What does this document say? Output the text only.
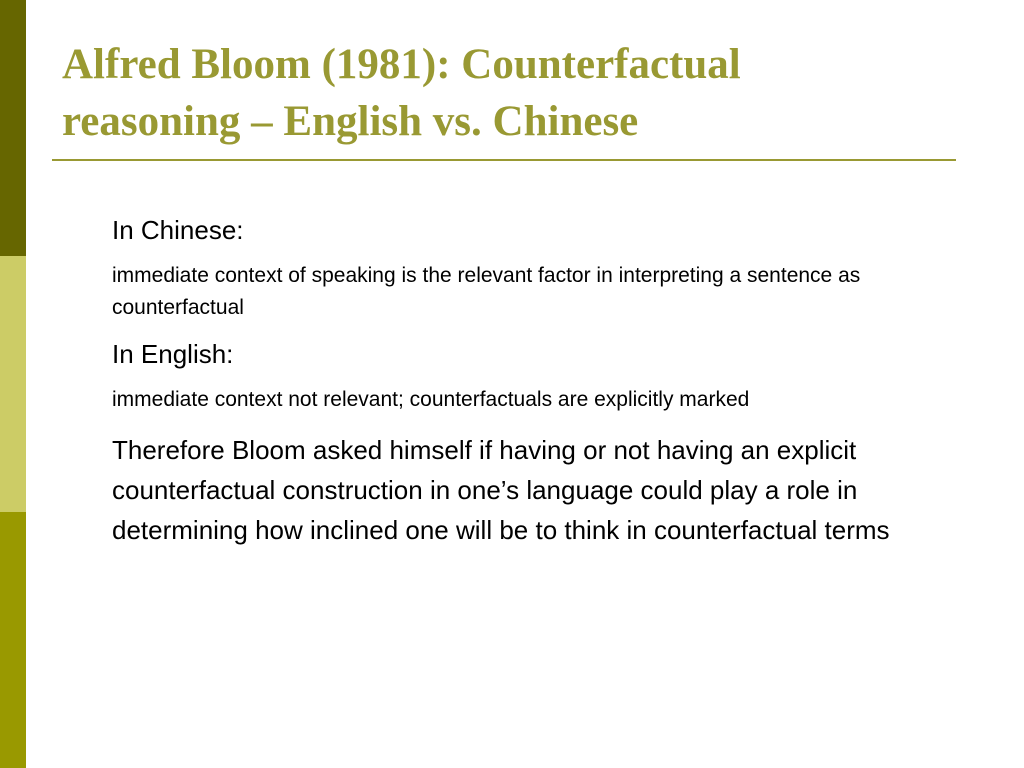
Alfred Bloom (1981): Counterfactual
reasoning – English vs. Chinese

In Chinese:

immediate context of speaking is the relevant factor in interpreting a sentence as counterfactual

In English:

immediate context not relevant; counterfactuals are explicitly marked

Therefore Bloom asked himself if having or not having an explicit counterfactual construction in one’s language could play a role in determining how inclined one will be to think in counterfactual terms
